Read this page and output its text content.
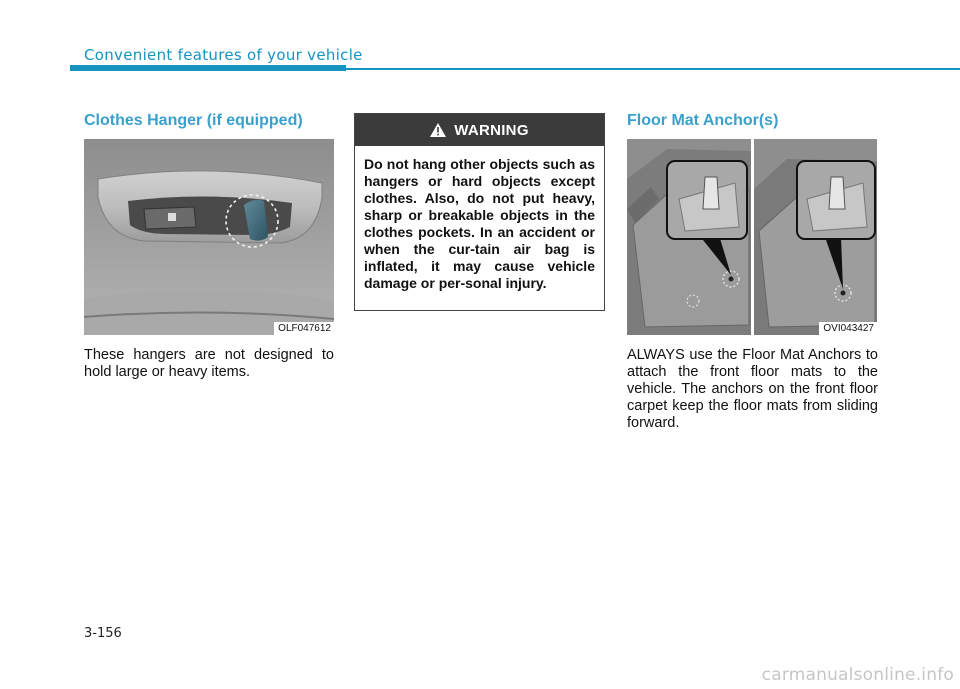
Convenient features of your vehicle
Clothes Hanger (if equipped)
OLF047612
These hangers are not designed to hold large or heavy items.
WARNING
Do not hang other objects such as hangers or hard objects except clothes. Also, do not put heavy, sharp or breakable objects in the clothes pockets. In an accident or when the cur-tain air bag is inflated, it may cause vehicle damage or per-sonal injury.
Floor Mat Anchor(s)
OVI043427
ALWAYS use the Floor Mat Anchors to attach the front floor mats to the vehicle. The anchors on the front floor carpet keep the floor mats from sliding forward.
3-156
carmanualsonline.info
